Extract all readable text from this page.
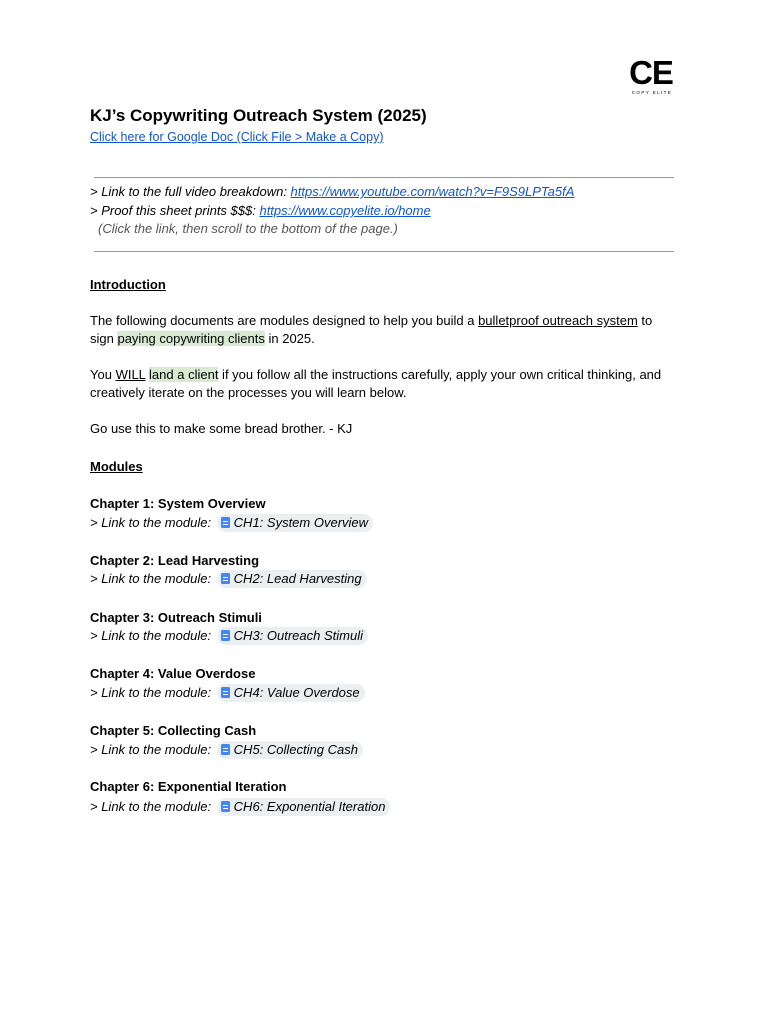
CE
COPY ELITE
KJ’s Copywriting Outreach System (2025)
Click here for Google Doc (Click File > Make a Copy)
> Link to the full video breakdown: https://www.youtube.com/watch?v=F9S9LPTa5fA
> Proof this sheet prints $$$: https://www.copyelite.io/home
(Click the link, then scroll to the bottom of the page.)
Introduction
The following documents are modules designed to help you build a bulletproof outreach system to
sign paying copywriting clients in 2025.
You WILL land a client if you follow all the instructions carefully, apply your own critical thinking, and
creatively iterate on the processes you will learn below.
Go use this to make some bread brother. - KJ
Modules
Chapter 1: System Overview
> Link to the module: CH1: System Overview
Chapter 2: Lead Harvesting
> Link to the module: CH2: Lead Harvesting
Chapter 3: Outreach Stimuli
> Link to the module: CH3: Outreach Stimuli
Chapter 4: Value Overdose
> Link to the module: CH4: Value Overdose
Chapter 5: Collecting Cash
> Link to the module: CH5: Collecting Cash
Chapter 6: Exponential Iteration
> Link to the module: CH6: Exponential Iteration
